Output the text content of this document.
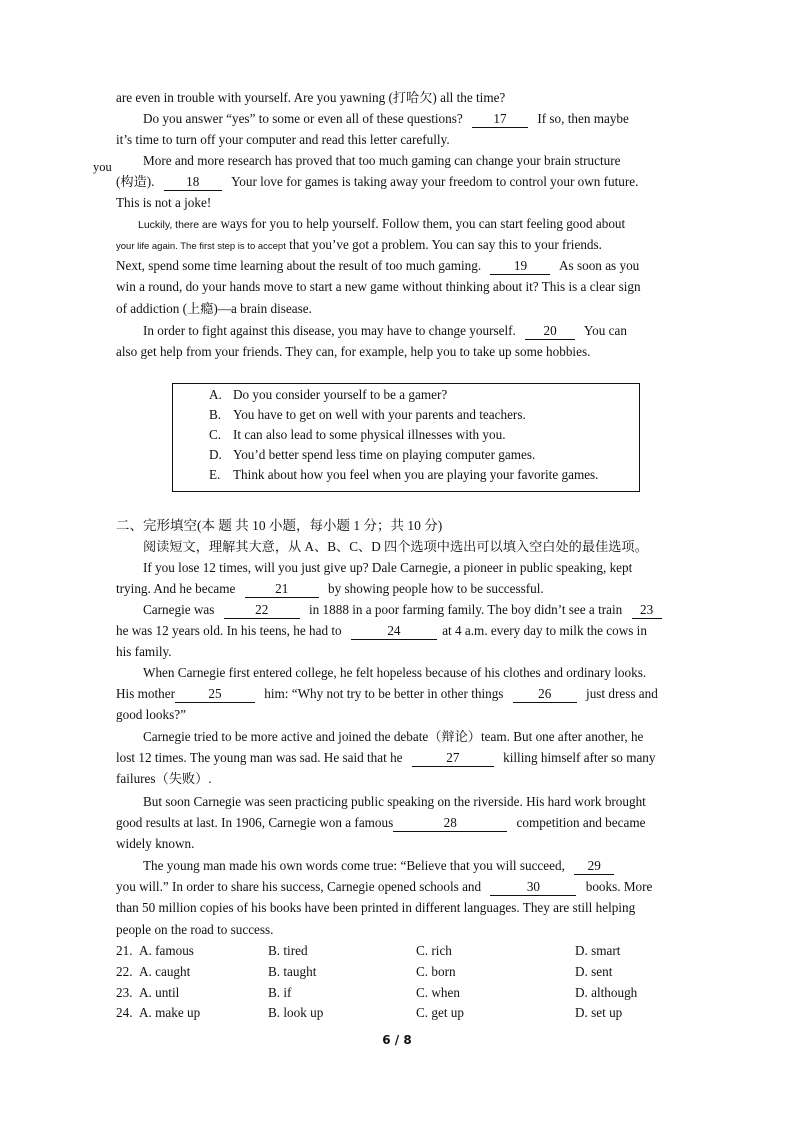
are even in trouble with yourself. Are you yawning (打哈欠) all the time?
Do you answer “yes” to some or even all of these questions? 17 If so, then maybe
it’s time to turn off your computer and read this letter carefully.
you More and more research has proved that too much gaming can change your brain structure
(构造). 18 Your love for games is taking away your freedom to control your own future.
This is not a joke!
Luckily, there are ways for you to help yourself. Follow them, you can start feeling good about
your life again. The first step is to accept that you’ve got a problem. You can say this to your friends.
Next, spend some time learning about the result of too much gaming. 19 As soon as you
win a round, do your hands move to start a new game without thinking about it? This is a clear sign
of addiction (上瘾)—a brain disease.
In order to fight against this disease, you may have to change yourself. 20 You can
also get help from your friends. They can, for example, help you to take up some hobbies.
A. Do you consider yourself to be a gamer?
B. You have to get on well with your parents and teachers.
C. It can also lead to some physical illnesses with you.
D. You’d better spend less time on playing computer games.
E. Think about how you feel when you are playing your favorite games.
二、完形填空(本 题 共 10 小题，每小题 1 分；共 10 分)
阅读短文，理解其大意，从 A、B、C、D 四个选项中选出可以填入空白处的最佳选项。
If you lose 12 times, will you just give up? Dale Carnegie, a pioneer in public speaking, kept
trying. And he became	21	by showing people how to be successful.
Carnegie was	22	in 1888 in a poor farming family. The boy didn’t see a train 23
he was 12 years old. In his teens, he had to	24	at 4 a.m. every day to milk the cows in
his family.
When Carnegie first entered college, he felt hopeless because of his clothes and ordinary looks.
His mother	25	him: “Why not try to be better in other things	26	just dress and
good looks?”
Carnegie tried to be more active and joined the debate（辩论）team. But one after another, he
lost 12 times. The young man was sad. He said that he	27	killing himself after so many
failures（失败）.
But soon Carnegie was seen practicing public speaking on the riverside. His hard work brought
good results at last. In 1906, Carnegie won a famous	28	competition and became
widely known.
The young man made his own words come true: “Believe that you will succeed, 29
you will.” In order to share his success, Carnegie opened schools and	30	books. More
than 50 million copies of his books have been printed in different languages. They are still helping
people on the road to success.
21. A. famous	B. tired	C. rich	D. smart
22. A. caught	B. taught	C. born	D. sent
23. A. until	B. if	C. when	D. although
24. A. make up	B. look up	C. get up	D. set up
6 / 8
